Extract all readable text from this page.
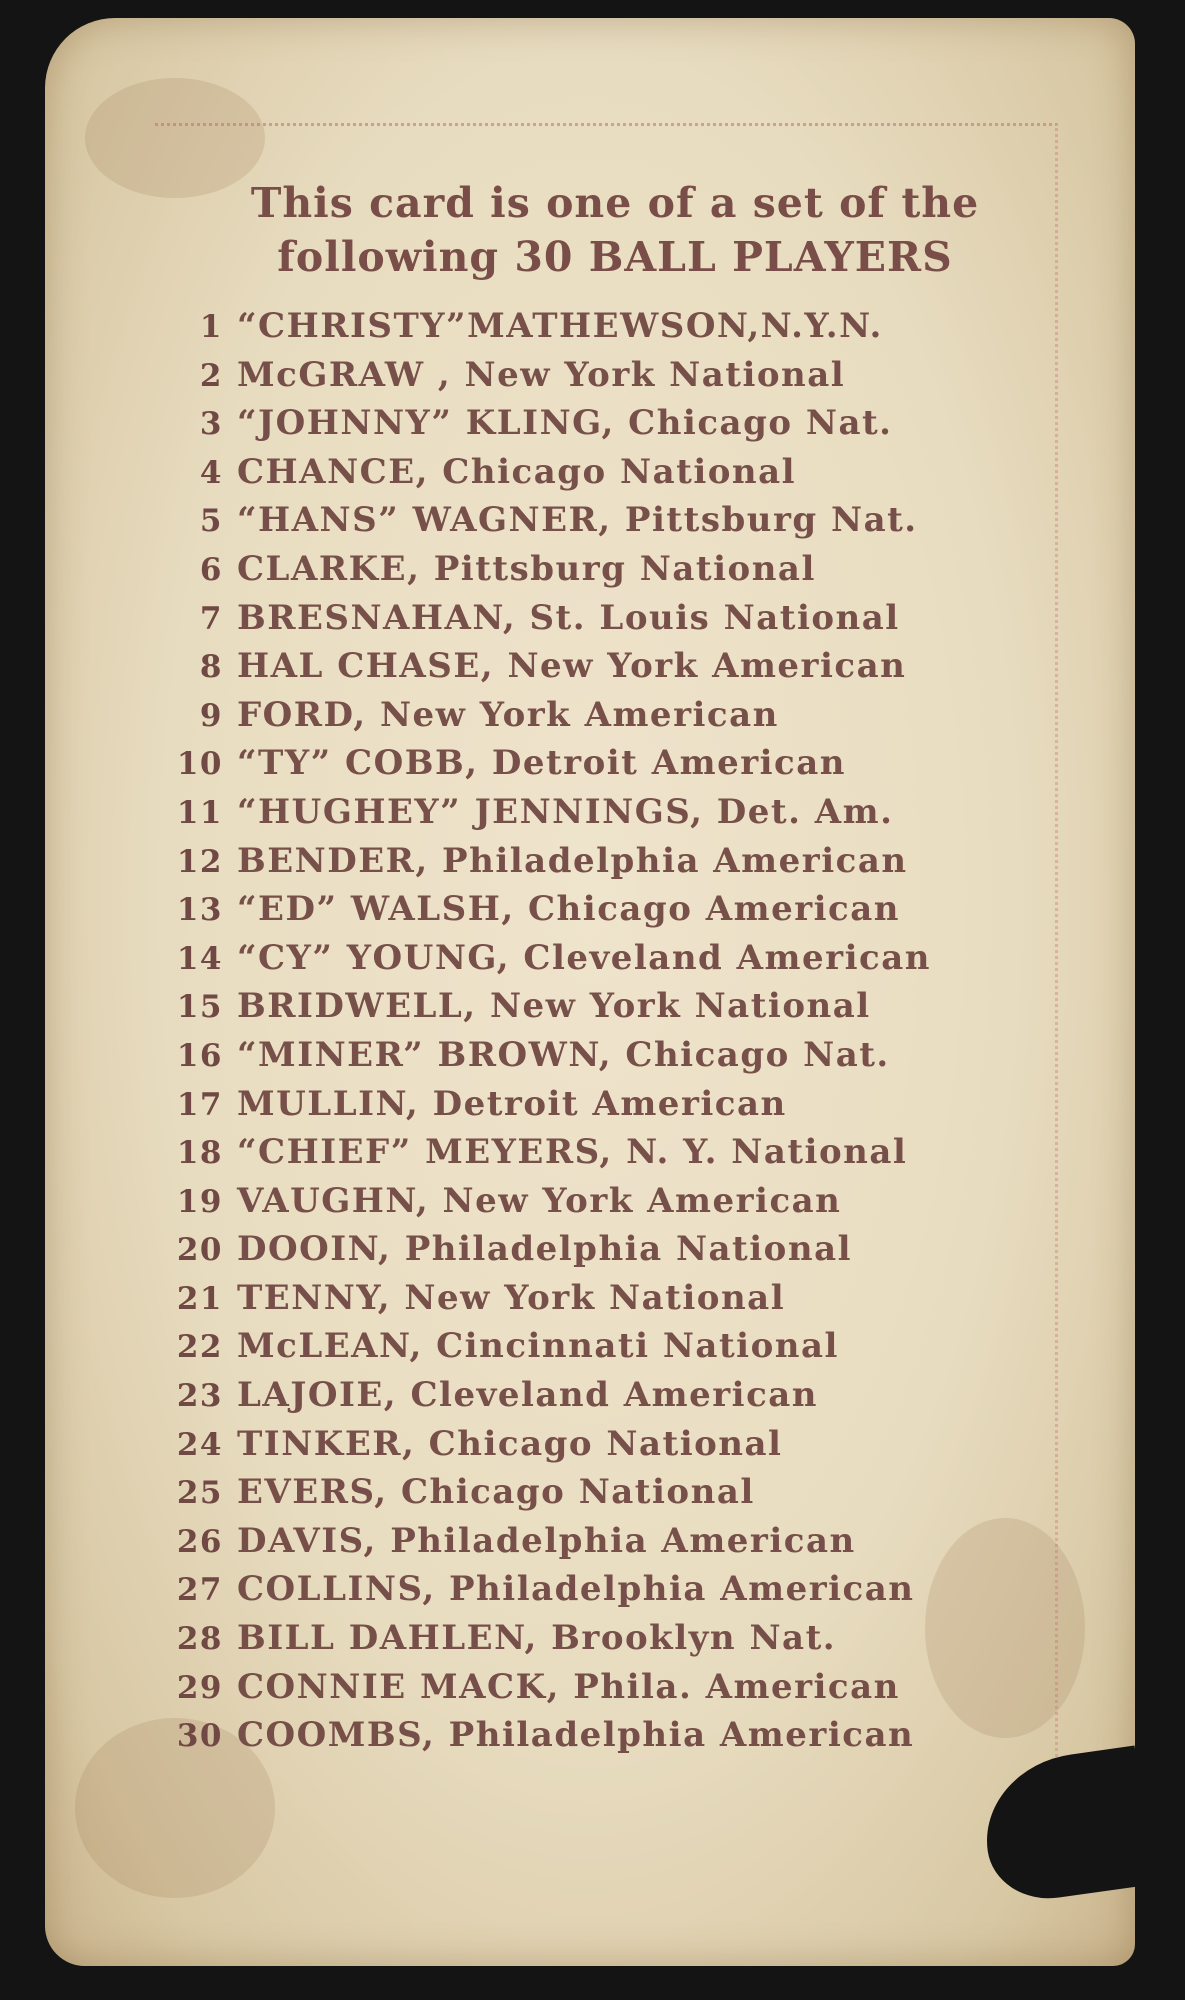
This card is one of a set of the
following 30 BALL PLAYERS
1 “CHRISTY”MATHEWSON,N.Y.N.
2 McGRAW , New York National
3 “JOHNNY” KLING, Chicago Nat.
4 CHANCE, Chicago National
5 “HANS” WAGNER, Pittsburg Nat.
6 CLARKE, Pittsburg National
7 BRESNAHAN, St. Louis National
8 HAL CHASE, New York American
9 FORD, New York American
10 “TY” COBB, Detroit American
11 “HUGHEY” JENNINGS, Det. Am.
12 BENDER, Philadelphia American
13 “ED” WALSH, Chicago American
14 “CY” YOUNG, Cleveland American
15 BRIDWELL, New York National
16 “MINER” BROWN, Chicago Nat.
17 MULLIN, Detroit American
18 “CHIEF” MEYERS, N. Y. National
19 VAUGHN, New York American
20 DOOIN, Philadelphia National
21 TENNY, New York National
22 McLEAN, Cincinnati National
23 LAJOIE, Cleveland American
24 TINKER, Chicago National
25 EVERS, Chicago National
26 DAVIS, Philadelphia American
27 COLLINS, Philadelphia American
28 BILL DAHLEN, Brooklyn Nat.
29 CONNIE MACK, Phila. American
30 COOMBS, Philadelphia American
